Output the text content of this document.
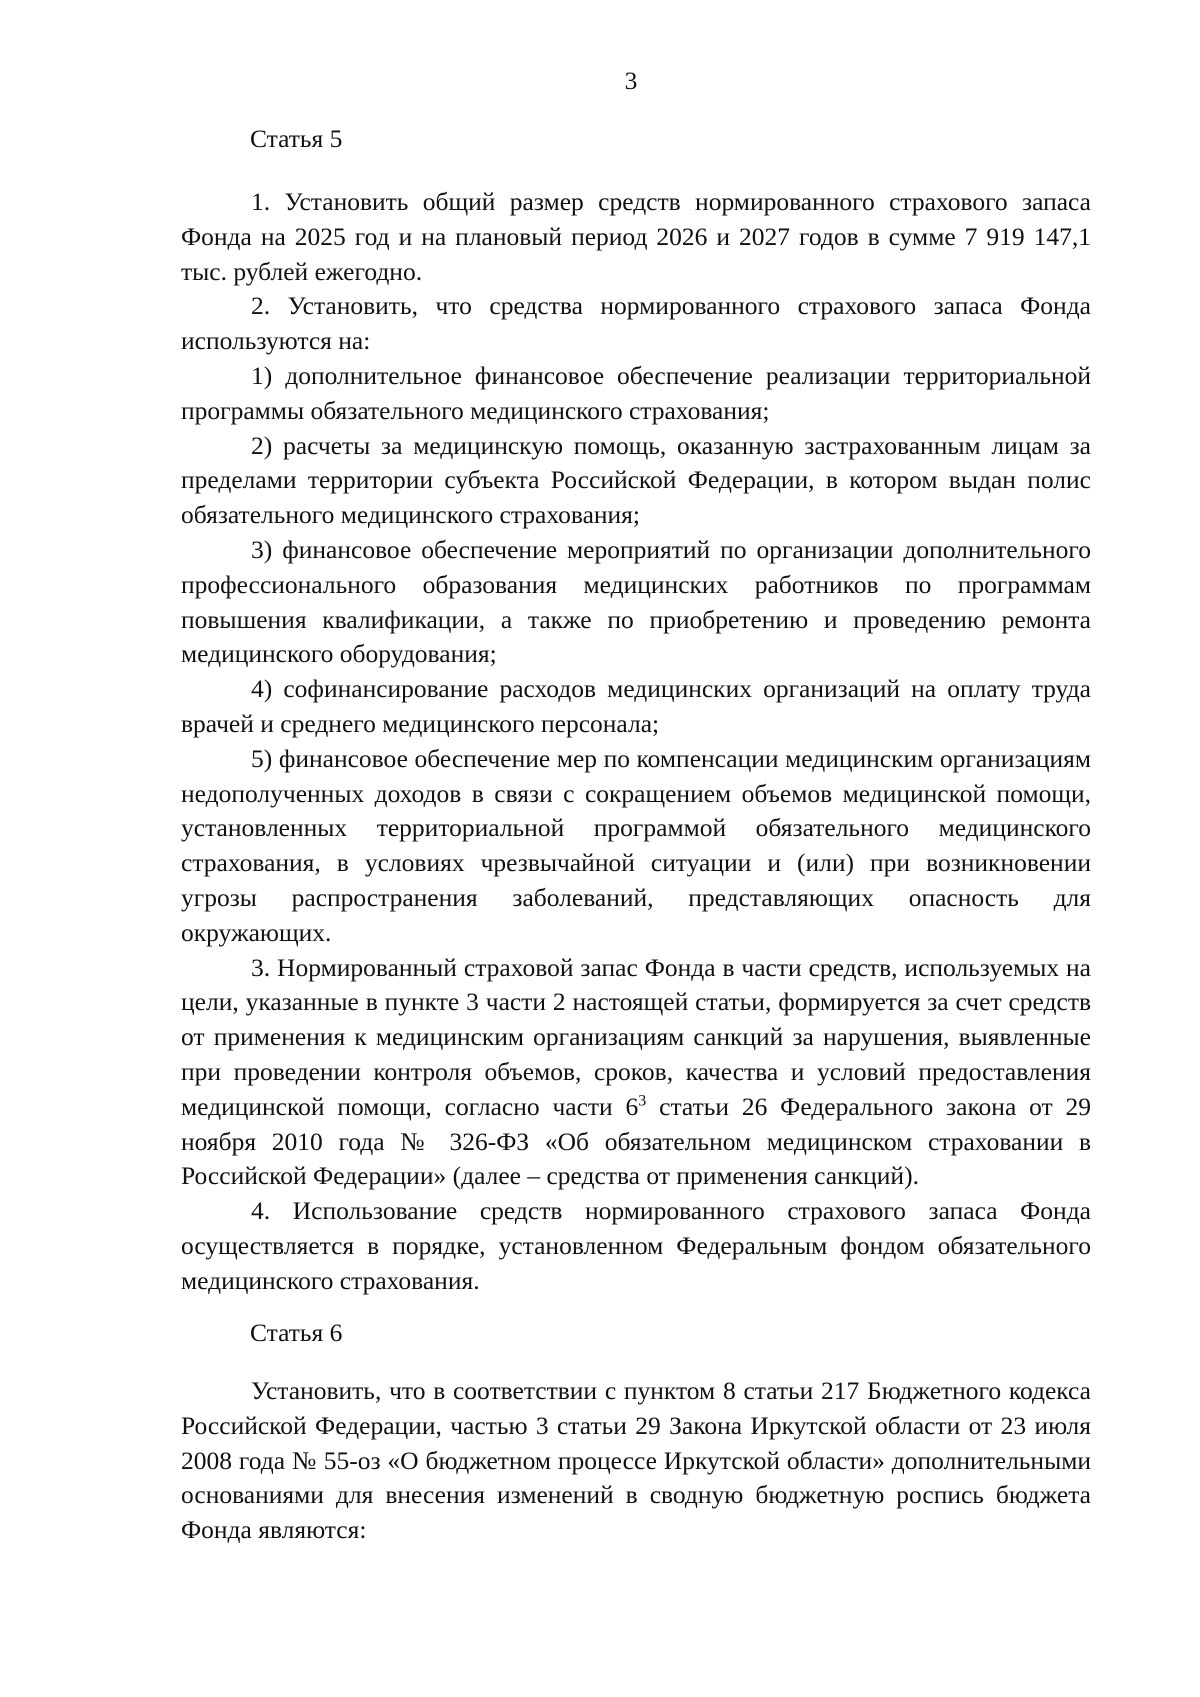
3
Статья 5

1. Установить общий размер средств нормированного страхового запаса Фонда на 2025 год и на плановый период 2026 и 2027 годов в сумме 7 919 147,1 тыс. рублей ежегодно.

2. Установить, что средства нормированного страхового запаса Фонда используются на:

1) дополнительное финансовое обеспечение реализации территориальной программы обязательного медицинского страхования;

2) расчеты за медицинскую помощь, оказанную застрахованным лицам за пределами территории субъекта Российской Федерации, в котором выдан полис обязательного медицинского страхования;

3) финансовое обеспечение мероприятий по организации дополнительного профессионального образования медицинских работников по программам повышения квалификации, а также по приобретению и проведению ремонта медицинского оборудования;

4) софинансирование расходов медицинских организаций на оплату труда врачей и среднего медицинского персонала;

5) финансовое обеспечение мер по компенсации медицинским организациям недополученных доходов в связи с сокращением объемов медицинской помощи, установленных территориальной программой обязательного медицинского страхования, в условиях чрезвычайной ситуации и (или) при возникновении угрозы распространения заболеваний, представляющих опасность для окружающих.

3. Нормированный страховой запас Фонда в части средств, используемых на цели, указанные в пункте 3 части 2 настоящей статьи, формируется за счет средств от применения к медицинским организациям санкций за нарушения, выявленные при проведении контроля объемов, сроков, качества и условий предоставления медицинской помощи, согласно части $6^3$ статьи 26 Федерального закона от 29 ноября 2010 года № 326-ФЗ «Об обязательном медицинском страховании в Российской Федерации» (далее – средства от применения санкций).

4. Использование средств нормированного страхового запаса Фонда осуществляется в порядке, установленном Федеральным фондом обязательного медицинского страхования.

Статья 6

Установить, что в соответствии с пунктом 8 статьи 217 Бюджетного кодекса Российской Федерации, частью 3 статьи 29 Закона Иркутской области от 23 июля 2008 года № 55-оз «О бюджетном процессе Иркутской области» дополнительными основаниями для внесения изменений в сводную бюджетную роспись бюджета Фонда являются:
